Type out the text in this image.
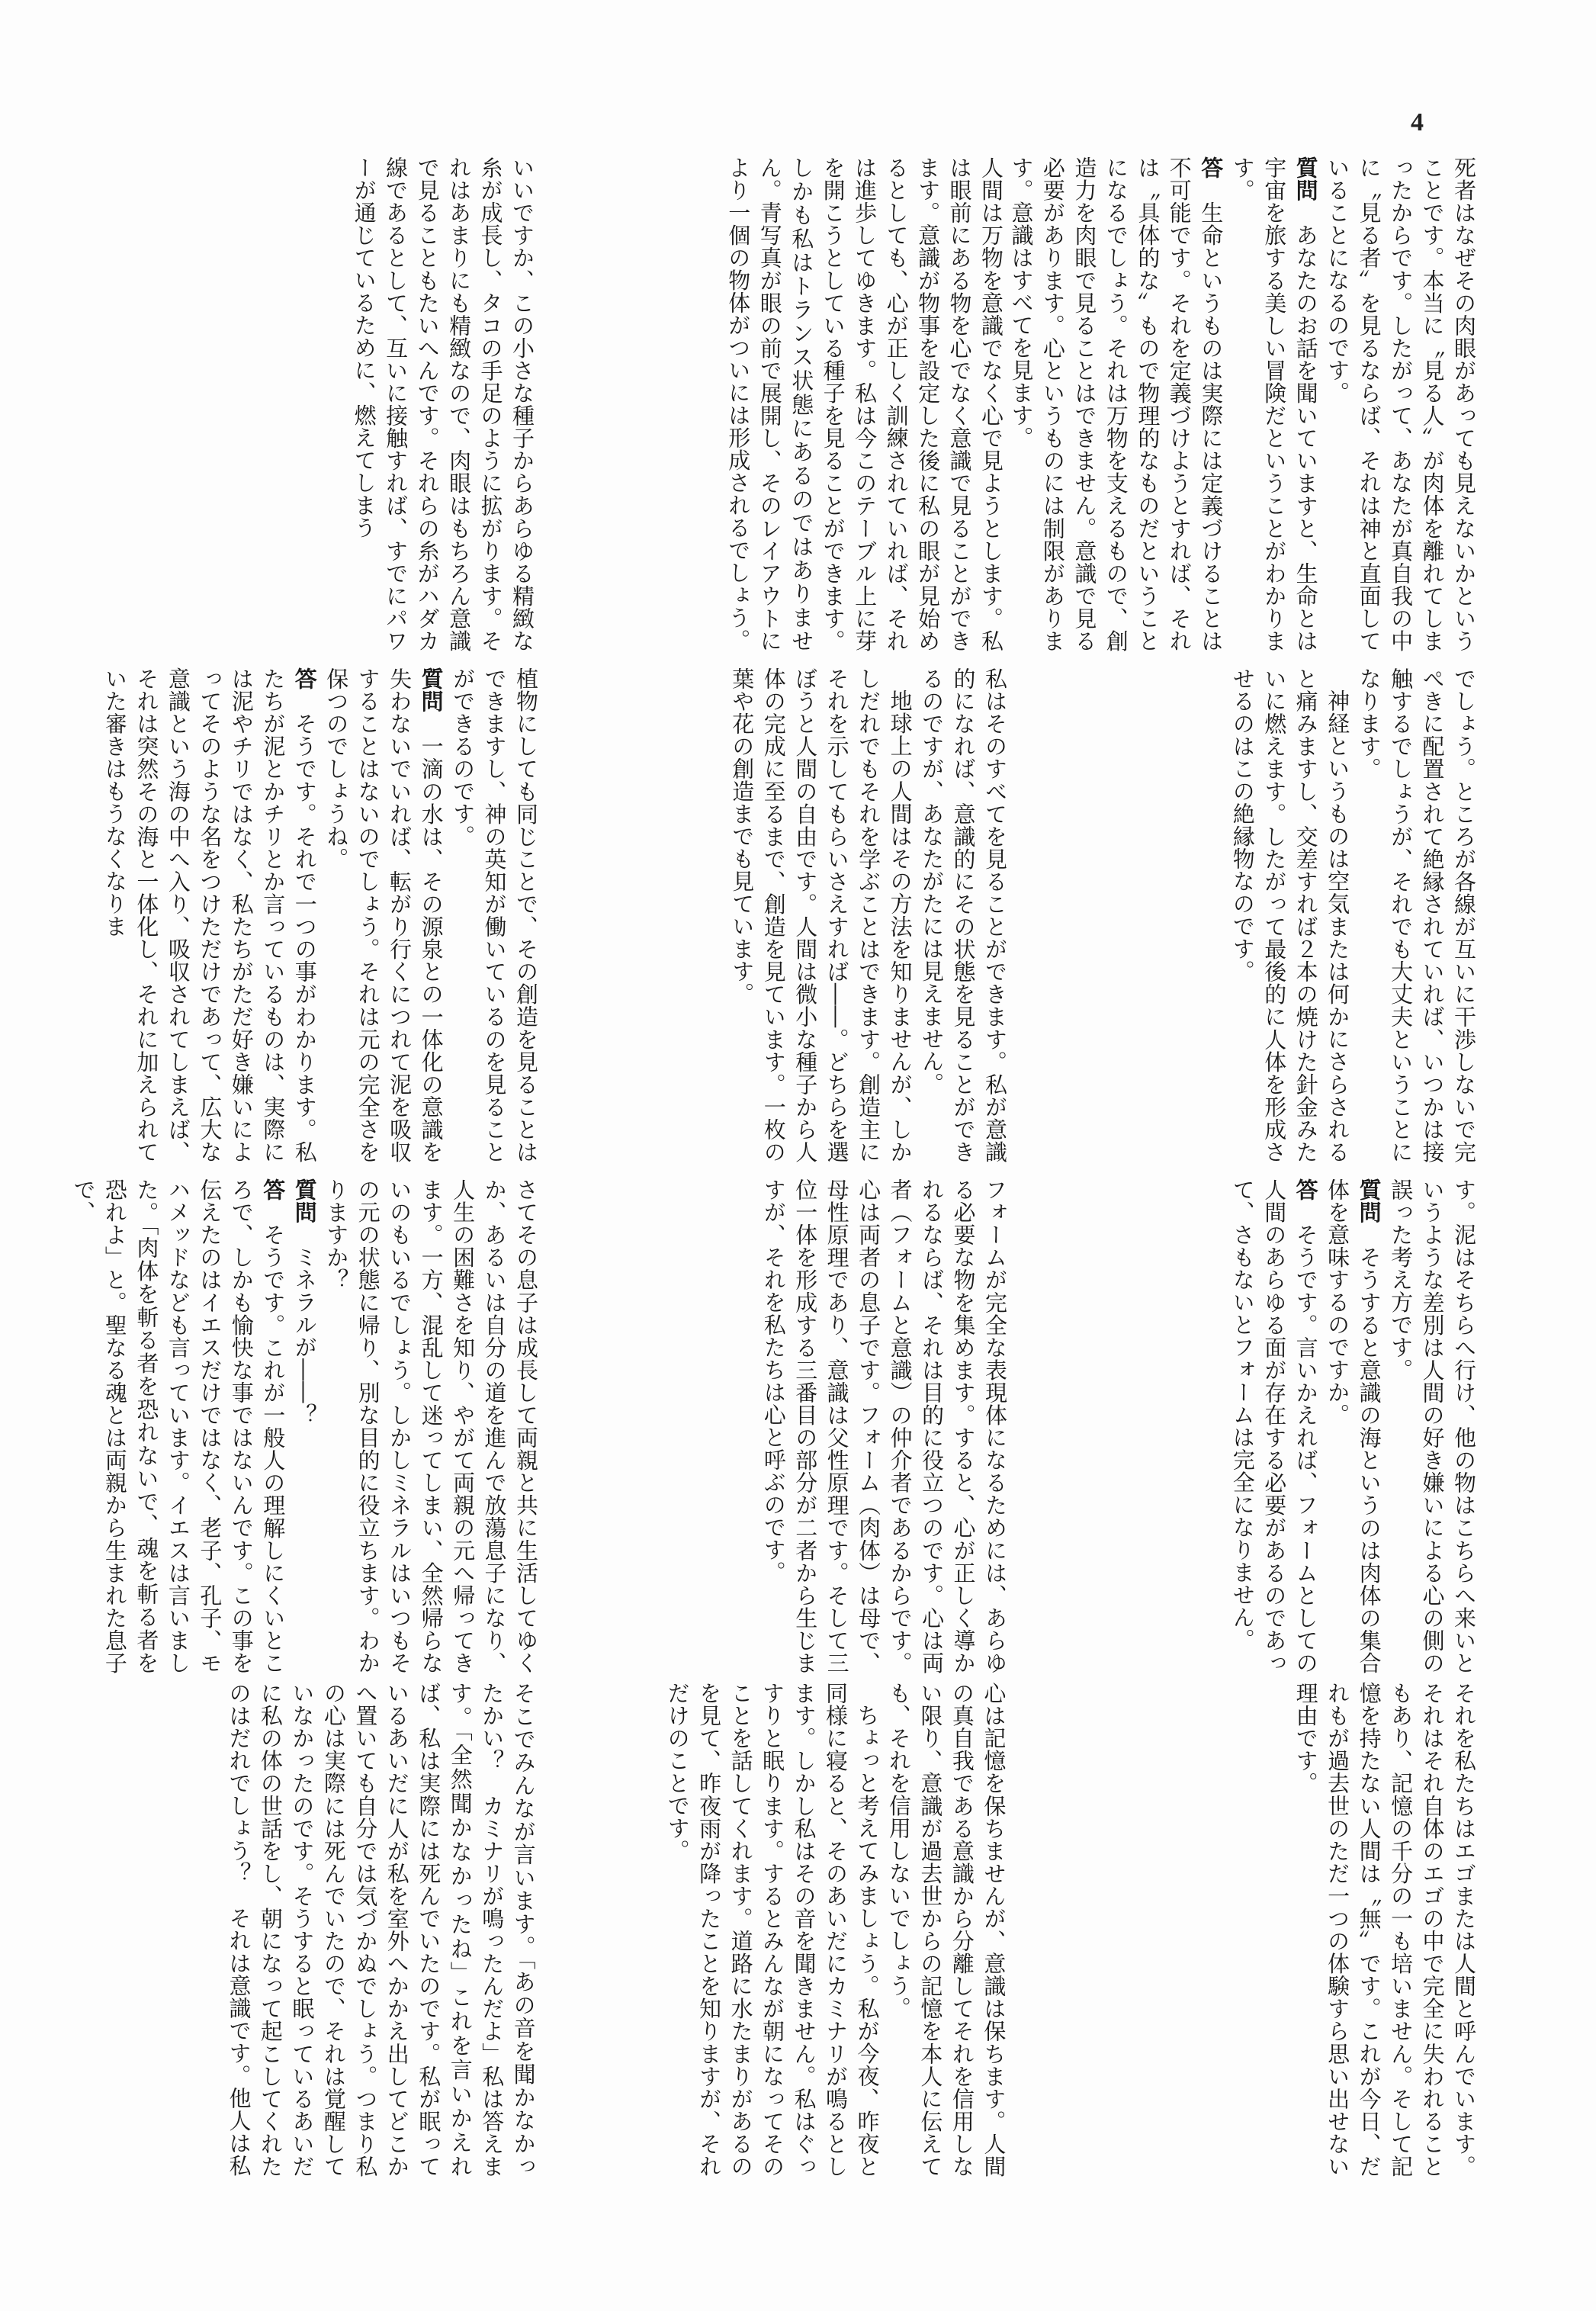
4

死者はなぜその肉眼があっても見えないかということです。本当に〝見る人〟が肉体を離れてしまったからです。したがって、あなたが真自我の中に〝見る者〟を見るならば、それは神と直面していることになるのです。

質問　あなたのお話を聞いていますと、生命とは宇宙を旅する美しい冒険だということがわかります。

答　生命というものは実際には定義づけることは不可能です。それを定義づけようとすれば、それは〝具体的な〟もので物理的なものだということになるでしょう。それは万物を支えるもので、創造力を肉眼で見ることはできません。意識で見る必要があります。心というものには制限があります。意識はすべてを見ます。

人間は万物を意識でなく心で見ようとします。私は眼前にある物を心でなく意識で見ることができます。意識が物事を設定した後に私の眼が見始めるとしても、心が正しく訓練されていれば、それは進歩してゆきます。私は今このテーブル上に芽を開こうとしている種子を見ることができます。しかも私はトランス状態にあるのではありません。青写真が眼の前で展開し、そのレイアウトにより一個の物体がついには形成されるでしょう。

いいですか、この小さな種子からあらゆる精緻な糸が成長し、タコの手足のように拡がります。それはあまりにも精緻なので、肉眼はもちろん意識で見ることもたいへんです。それらの糸がハダカ線であるとして、互いに接触すれば、すでにパワーが通じているために、燃えてしまう

でしょう。ところが各線が互いに干渉しないで完ぺきに配置されて絶縁されていれば、いつかは接触するでしょうが、それでも大丈夫ということになります。

神経というものは空気または何かにさらされると痛みますし、交差すれば２本の焼けた針金みたいに燃えます。したがって最後的に人体を形成させるのはこの絶縁物なのです。

私はそのすべてを見ることができます。私が意識的になれば、意識的にその状態を見ることができるのですが、あなたがたには見えません。

地球上の人間はその方法を知りませんが、しかしだれでもそれを学ぶことはできます。創造主にそれを示してもらいさえすれば――。どちらを選ぼうと人間の自由です。人間は微小な種子から人体の完成に至るまで、創造を見ています。一枚の葉や花の創造までも見ています。

植物にしても同じことで、その創造を見ることはできますし、神の英知が働いているのを見ることができるのです。

質問　一滴の水は、その源泉との一体化の意識を失わないでいれば、転がり行くにつれて泥を吸収することはないのでしょう。それは元の完全さを保つのでしょうね。

答　そうです。それで一つの事がわかります。私たちが泥とかチリとか言っているものは、実際には泥やチリではなく、私たちがただ好き嫌いによってそのような名をつけただけであって、広大な意識という海の中へ入り、吸収されてしまえば、それは突然その海と一体化し、それに加えられていた審きはもうなくなりま

す。泥はそちらへ行け、他の物はこちらへ来いというような差別は人間の好き嫌いによる心の側の誤った考え方です。

質問　そうすると意識の海というのは肉体の集合体を意味するのですか。

答　そうです。言いかえれば、フォームとしての人間のあらゆる面が存在する必要があるのであって、さもないとフォームは完全になりません。

フォームが完全な表現体になるためには、あらゆる必要な物を集めます。すると、心が正しく導かれるならば、それは目的に役立つのです。心は両者（フォームと意識）の仲介者であるからです。心は両者の息子です。フォーム（肉体）は母で、母性原理であり、意識は父性原理です。そして三位一体を形成する三番目の部分が二者から生じますが、それを私たちは心と呼ぶのです。

さてその息子は成長して両親と共に生活してゆくか、あるいは自分の道を進んで放蕩息子になり、人生の困難さを知り、やがて両親の元へ帰ってきます。一方、混乱して迷ってしまい、全然帰らないのもいるでしょう。しかしミネラルはいつもその元の状態に帰り、別な目的に役立ちます。わかりますか？

質問　ミネラルが――？

答　そうです。これが一般人の理解しにくいところで、しかも愉快な事ではないんです。この事を伝えたのはイエスだけではなく、老子、孔子、モハメッドなども言っています。イエスは言いました。「肉体を斬る者を恐れないで、魂を斬る者を恐れよ」と。聖なる魂とは両親から生まれた息子で、

それを私たちはエゴまたは人間と呼んでいます。それはそれ自体のエゴの中で完全に失われることもあり、記憶の千分の一も培いません。そして記憶を持たない人間は〝無〟です。これが今日、だれもが過去世のただ一つの体験すら思い出せない理由です。

心は記憶を保ちませんが、意識は保ちます。人間の真自我である意識から分離してそれを信用しない限り、意識が過去世からの記憶を本人に伝えても、それを信用しないでしょう。

ちょっと考えてみましょう。私が今夜、昨夜と同様に寝ると、そのあいだにカミナリが鳴るとします。しかし私はその音を聞きません。私はぐっすりと眠ります。するとみんなが朝になってそのことを話してくれます。道路に水たまりがあるのを見て、昨夜雨が降ったことを知りますが、それだけのことです。

そこでみんなが言います。「あの音を聞かなかったかい？　カミナリが鳴ったんだよ」私は答えます。「全然聞かなかったね」これを言いかえれば、私は実際には死んでいたのです。私が眠っているあいだに人が私を室外へかかえ出してどこかへ置いても自分では気づかぬでしょう。つまり私の心は実際には死んでいたので、それは覚醒していなかったのです。そうすると眠っているあいだに私の体の世話をし、朝になって起こしてくれたのはだれでしょう？　それは意識です。他人は私
